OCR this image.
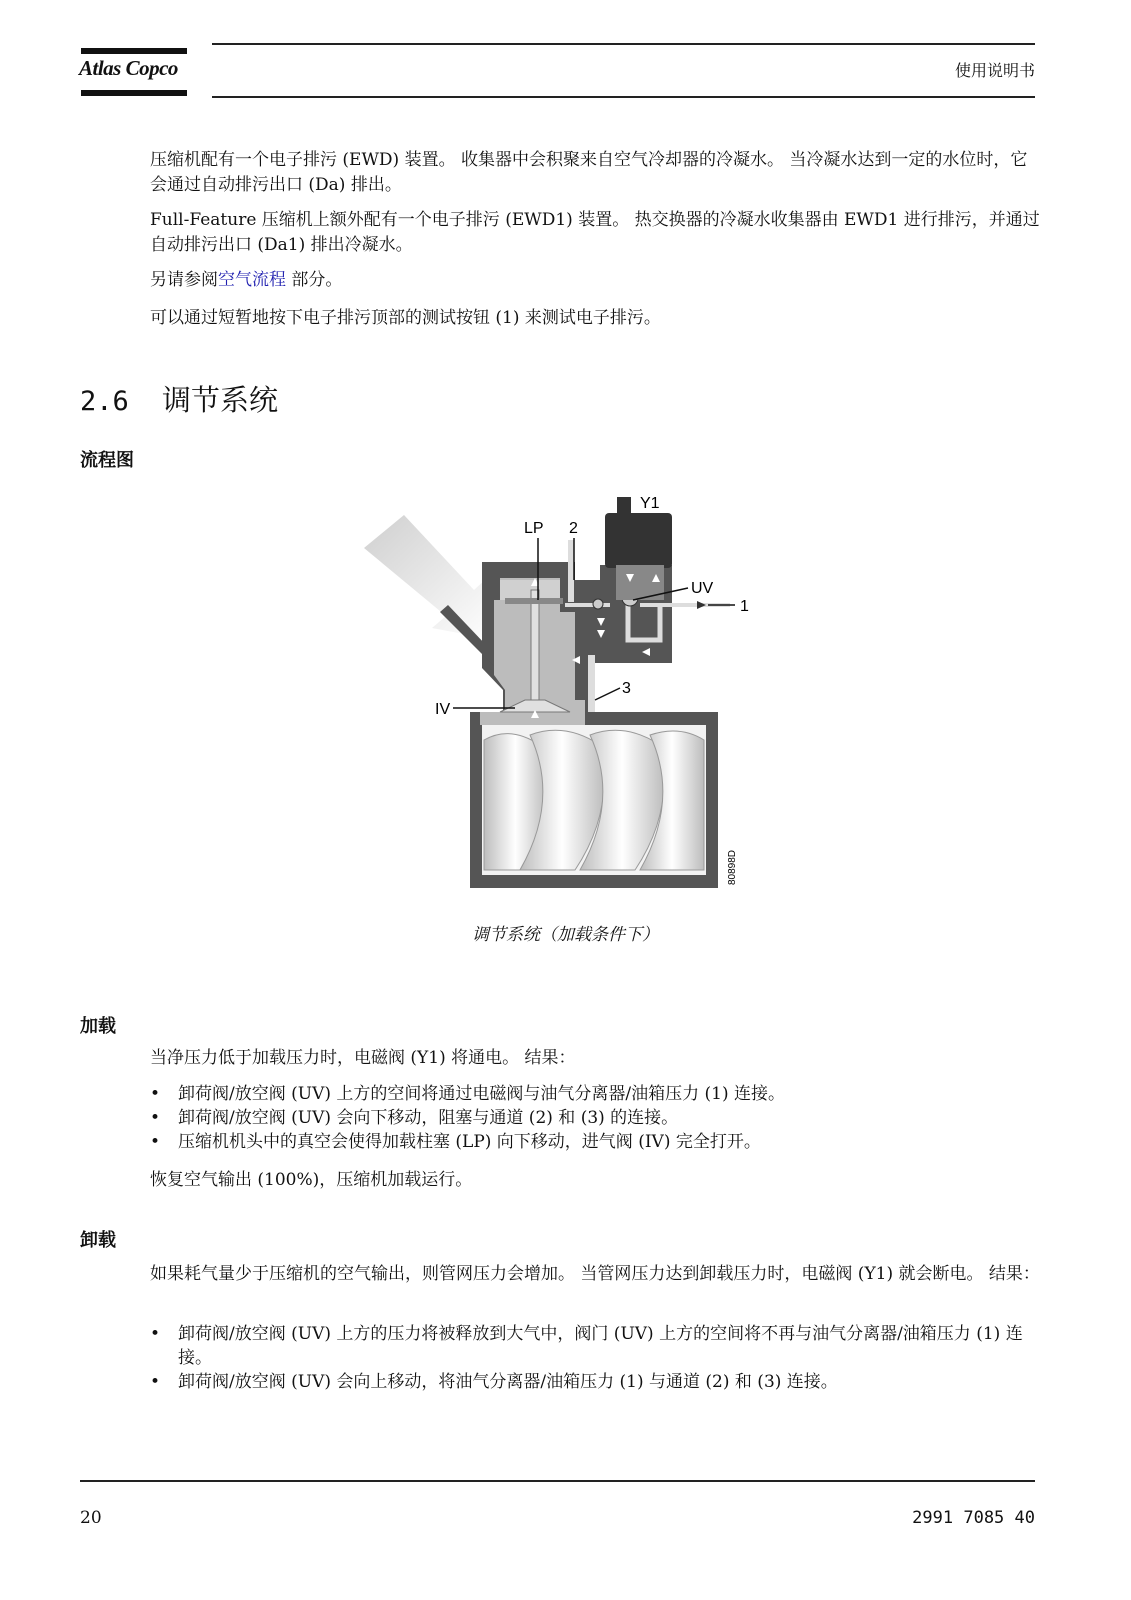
Atlas Copco	使用说明书

压缩机配有一个电子排污 (EWD) 装置。 收集器中会积聚来自空气冷却器的冷凝水。 当冷凝水达到一定的水位时，它会通过自动排污出口 (Da) 排出。

Full-Feature 压缩机上额外配有一个电子排污 (EWD1) 装置。 热交换器的冷凝水收集器由 EWD1 进行排污，并通过自动排污出口 (Da1) 排出冷凝水。

另请参阅空气流程 部分。

可以通过短暂地按下电子排污顶部的测试按钮 (1) 来测试电子排污。

2.6 调节系统
流程图
Y1
LP 2
UV
1
3
IV
80898D
调节系统（加载条件下）
加载

当净压力低于加载压力时，电磁阀 (Y1) 将通电。 结果：

• 卸荷阀/放空阀 (UV) 上方的空间将通过电磁阀与油气分离器/油箱压力 (1) 连接。
• 卸荷阀/放空阀 (UV) 会向下移动，阻塞与通道 (2) 和 (3) 的连接。
• 压缩机机头中的真空会使得加载柱塞 (LP) 向下移动，进气阀 (IV) 完全打开。

恢复空气输出 (100%)，压缩机加载运行。

卸载

如果耗气量少于压缩机的空气输出，则管网压力会增加。 当管网压力达到卸载压力时，电磁阀 (Y1) 就会断电。 结果：

• 卸荷阀/放空阀 (UV) 上方的压力将被释放到大气中，阀门 (UV) 上方的空间将不再与油气分离器/油箱压力 (1) 连接。
• 卸荷阀/放空阀 (UV) 会向上移动，将油气分离器/油箱压力 (1) 与通道 (2) 和 (3) 连接。
20	2991 7085 40
